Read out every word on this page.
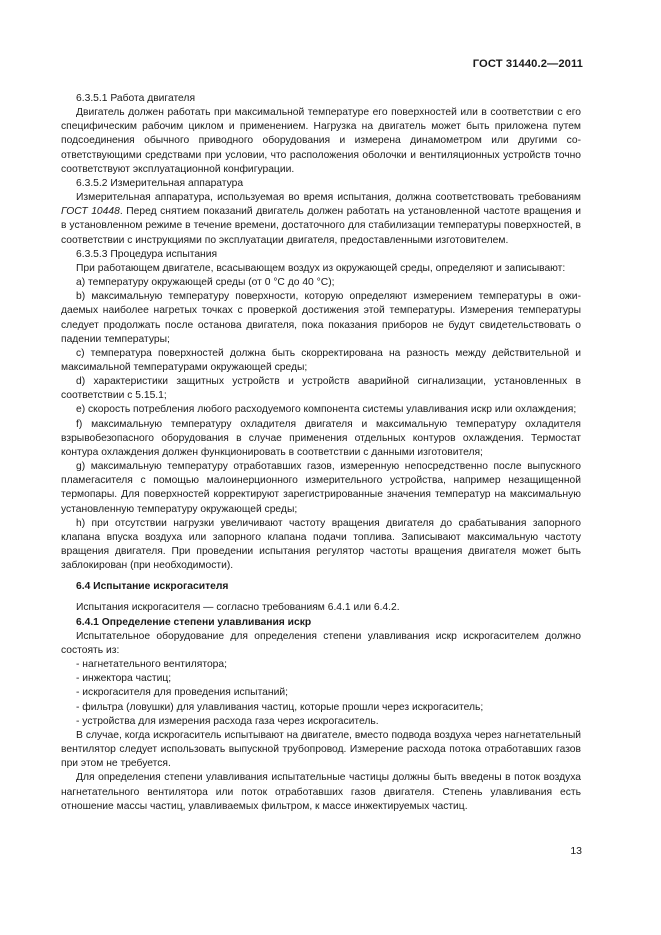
ГОСТ 31440.2—2011

6.3.5.1 Работа двигателя

Двигатель должен работать при максимальной температуре его поверхностей или в соответствии с его специфическим рабочим циклом и применением. Нагрузка на двигатель может быть приложена путем подсоединения обычного приводного оборудования и измерена динамометром или другими соответствующими средствами при условии, что расположения оболочки и вентиляционных устройств точно соответствуют эксплуатационной конфигурации.

6.3.5.2 Измерительная аппаратура

Измерительная аппаратура, используемая во время испытания, должна соответствовать требованиям ГОСТ 10448. Перед снятием показаний двигатель должен работать на установленной частоте вращения и в установленном режиме в течение времени, достаточного для стабилизации температуры поверхностей, в соответствии с инструкциями по эксплуатации двигателя, предоставленными изготовителем.

6.3.5.3 Процедура испытания

При работающем двигателе, всасывающем воздух из окружающей среды, определяют и записывают:

a) температуру окружающей среды (от 0 °С до 40 °С);

b) максимальную температуру поверхности, которую определяют измерением температуры в ожидаемых наиболее нагретых точках с проверкой достижения этой температуры. Измерения температуры следует продолжать после останова двигателя, пока показания приборов не будут свидетельствовать о падении температуры;

c) температура поверхностей должна быть скорректирована на разность между действительной и максимальной температурами окружающей среды;

d) характеристики защитных устройств и устройств аварийной сигнализации, установленных в соответствии с 5.15.1;

e) скорость потребления любого расходуемого компонента системы улавливания искр или охлаждения;

f) максимальную температуру охладителя двигателя и максимальную температуру охладителя взрывобезопасного оборудования в случае применения отдельных контуров охлаждения. Термостат контура охлаждения должен функционировать в соответствии с данными изготовителя;

g) максимальную температуру отработавших газов, измеренную непосредственно после выпускного пламегасителя с помощью малоинерционного измерительного устройства, например незащищенной термопары. Для поверхностей корректируют зарегистрированные значения температур на максимальную установленную температуру окружающей среды;

h) при отсутствии нагрузки увеличивают частоту вращения двигателя до срабатывания запорного клапана впуска воздуха или запорного клапана подачи топлива. Записывают максимальную частоту вращения двигателя. При проведении испытания регулятор частоты вращения двигателя может быть заблокирован (при необходимости).

6.4 Испытание искрогасителя

Испытания искрогасителя — согласно требованиям 6.4.1 или 6.4.2.

6.4.1 Определение степени улавливания искр

Испытательное оборудование для определения степени улавливания искр искрогасителем должно состоять из:

- нагнетательного вентилятора;
- инжектора частиц;
- искрогасителя для проведения испытаний;
- фильтра (ловушки) для улавливания частиц, которые прошли через искрогаситель;
- устройства для измерения расхода газа через искрогаситель.

В случае, когда искрогаситель испытывают на двигателе, вместо подвода воздуха через нагнетательный вентилятор следует использовать выпускной трубопровод. Измерение расхода потока отработавших газов при этом не требуется.

Для определения степени улавливания испытательные частицы должны быть введены в поток воздуха нагнетательного вентилятора или поток отработавших газов двигателя. Степень улавливания есть отношение массы частиц, улавливаемых фильтром, к массе инжектируемых частиц.

13
